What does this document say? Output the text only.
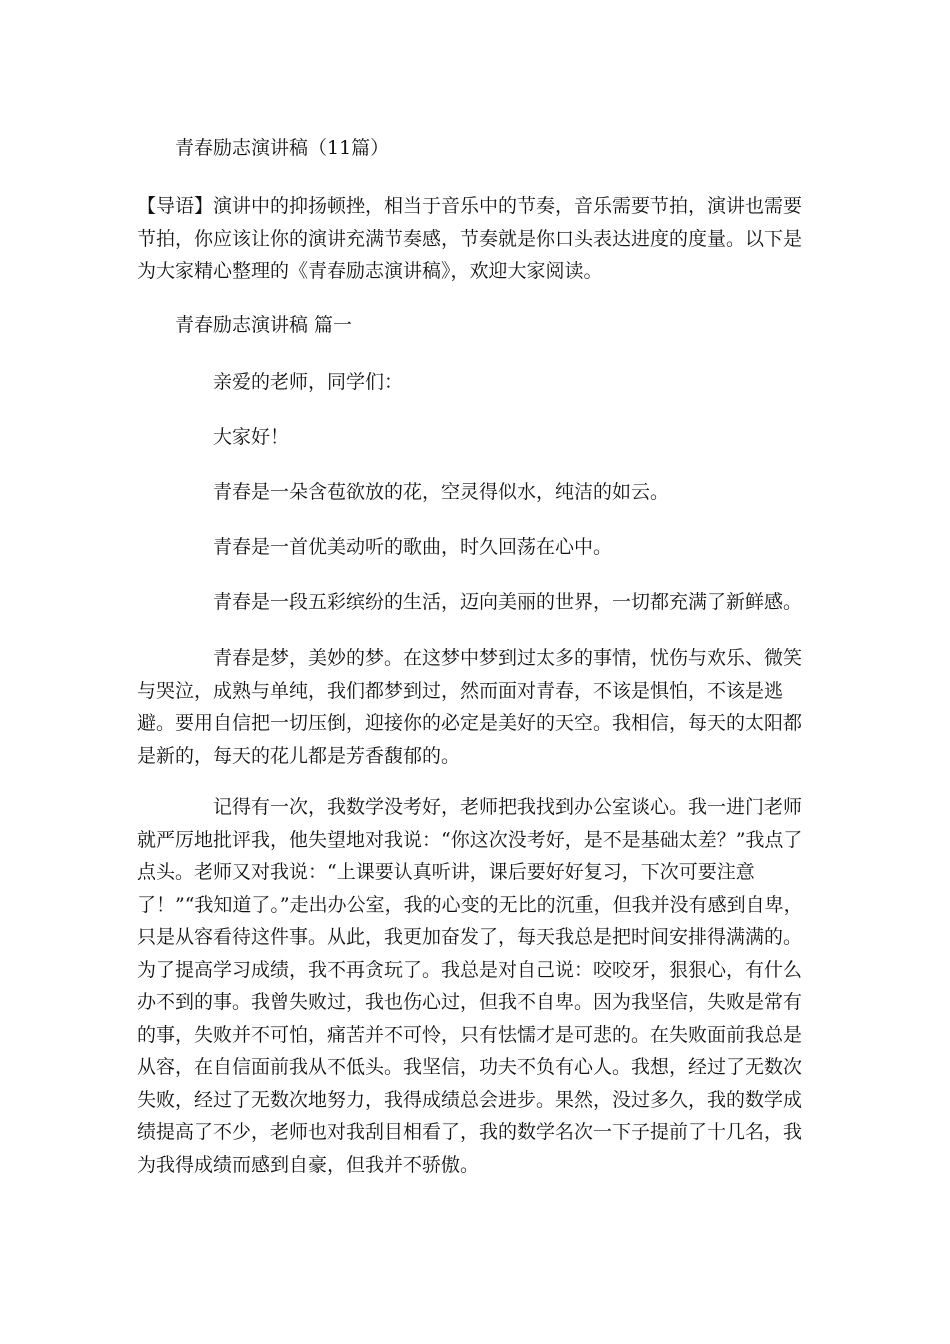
青春励志演讲稿（11篇）
【导语】演讲中的抑扬顿挫，相当于音乐中的节奏，音乐需要节拍，演讲也需要节拍，你应该让你的演讲充满节奏感，节奏就是你口头表达进度的度量。以下是为大家精心整理的《青春励志演讲稿》，欢迎大家阅读。
青春励志演讲稿 篇一
亲爱的老师，同学们：
大家好！
青春是一朵含苞欲放的花，空灵得似水，纯洁的如云。
青春是一首优美动听的歌曲，时久回荡在心中。
青春是一段五彩缤纷的生活，迈向美丽的世界，一切都充满了新鲜感。
青春是梦，美妙的梦。在这梦中梦到过太多的事情，忧伤与欢乐、微笑与哭泣，成熟与单纯，我们都梦到过，然而面对青春，不该是惧怕，不该是逃避。要用自信把一切压倒，迎接你的必定是美好的天空。我相信，每天的太阳都是新的，每天的花儿都是芳香馥郁的。
记得有一次，我数学没考好，老师把我找到办公室谈心。我一进门老师就严厉地批评我，他失望地对我说：“你这次没考好，是不是基础太差？”我点了点头。老师又对我说：“上课要认真听讲，课后要好好复习，下次可要注意了！”“我知道了。”走出办公室，我的心变的无比的沉重，但我并没有感到自卑，只是从容看待这件事。从此，我更加奋发了，每天我总是把时间安排得满满的。为了提高学习成绩，我不再贪玩了。我总是对自己说：咬咬牙，狠狠心，有什么办不到的事。我曾失败过，我也伤心过，但我不自卑。因为我坚信，失败是常有的事，失败并不可怕，痛苦并不可怜，只有怯懦才是可悲的。在失败面前我总是从容，在自信面前我从不低头。我坚信，功夫不负有心人。我想，经过了无数次失败，经过了无数次地努力，我得成绩总会进步。果然，没过多久，我的数学成绩提高了不少，老师也对我刮目相看了，我的数学名次一下子提前了十几名，我为我得成绩而感到自豪，但我并不骄傲。
